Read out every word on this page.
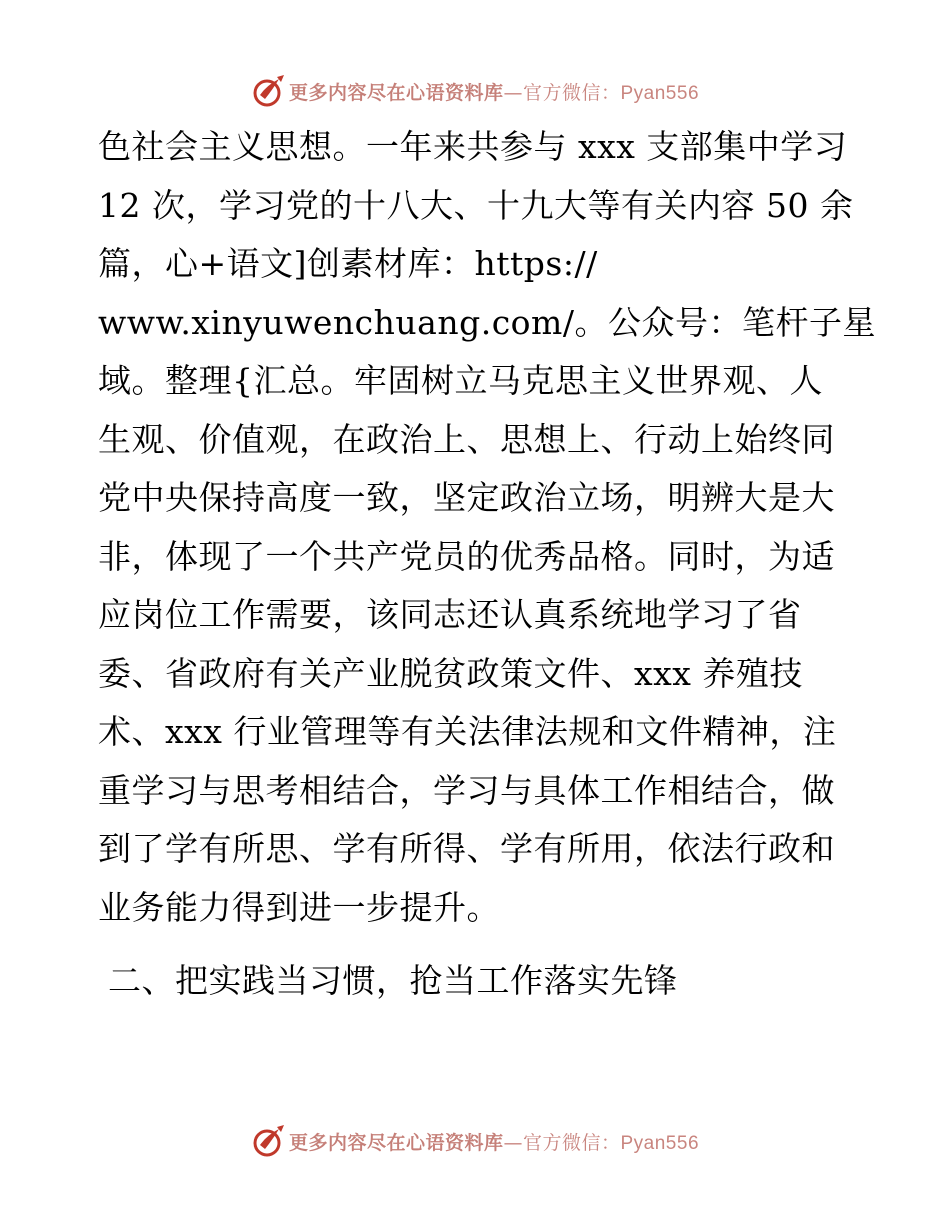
更多内容尽在心语资料库—官方微信：Pyan556
色社会主义思想。一年来共参与 xxx 支部集中学习
12 次，学习党的十八大、十九大等有关内容 50 余
篇，心+语文]创素材库：https://
www.xinyuwenchuang.com/。公众号：笔杆子星
域。整理{汇总。牢固树立马克思主义世界观、人
生观、价值观，在政治上、思想上、行动上始终同
党中央保持高度一致，坚定政治立场，明辨大是大
非，体现了一个共产党员的优秀品格。同时，为适
应岗位工作需要，该同志还认真系统地学习了省
委、省政府有关产业脱贫政策文件、xxx 养殖技
术、xxx 行业管理等有关法律法规和文件精神，注
重学习与思考相结合，学习与具体工作相结合，做
到了学有所思、学有所得、学有所用，依法行政和
业务能力得到进一步提升。
二、把实践当习惯，抢当工作落实先锋
更多内容尽在心语资料库—官方微信：Pyan556
